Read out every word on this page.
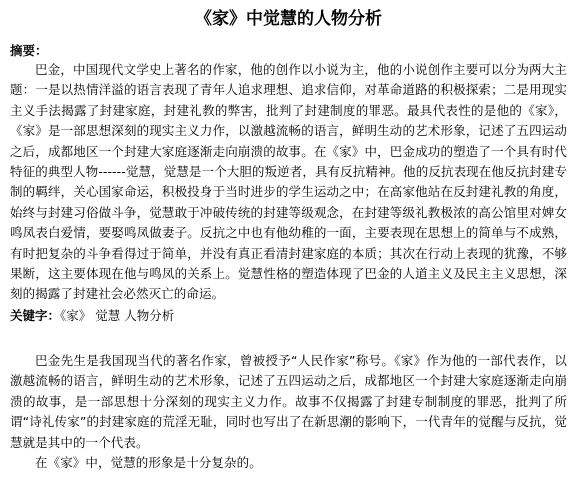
《家》中觉慧的人物分析
摘要：

巴金，中国现代文学史上著名的作家，他的创作以小说为主，他的小说创作主要可以分为两大主题：一是以热情洋溢的语言表现了青年人追求理想、追求信仰，对革命道路的积极探索；二是用现实主义手法揭露了封建家庭，封建礼教的弊害，批判了封建制度的罪恶。最具代表性的是他的《家》，《家》是一部思想深刻的现实主义力作，以激越流畅的语言，鲜明生动的艺术形象，记述了五四运动之后，成都地区一个封建大家庭逐渐走向崩溃的故事。在《家》中，巴金成功的塑造了一个具有时代特征的典型人物------觉慧，觉慧是一个大胆的叛逆者，具有反抗精神。他的反抗表现在他反抗封建专制的羁绊，关心国家命运，积极投身于当时进步的学生运动之中；在高家他站在反封建礼教的角度，始终与封建习俗做斗争，觉慧敢于冲破传统的封建等级观念，在封建等级礼教极浓的高公馆里对婢女鸣凤表白爱情，要娶鸣凤做妻子。反抗之中也有他幼稚的一面，主要表现在思想上的简单与不成熟，有时把复杂的斗争看得过于简单，并没有真正看清封建家庭的本质；其次在行动上表现的犹豫，不够果断，这主要体现在他与鸣凤的关系上。觉慧性格的塑造体现了巴金的人道主义及民主主义思想，深刻的揭露了封建社会必然灭亡的命运。

关键字：《家》 觉慧 人物分析

巴金先生是我国现当代的著名作家，曾被授予“人民作家”称号。《家》作为他的一部代表作，以激越流畅的语言，鲜明生动的艺术形象，记述了五四运动之后，成都地区一个封建大家庭逐渐走向崩溃的故事，是一部思想十分深刻的现实主义力作。故事不仅揭露了封建专制制度的罪恶，批判了所谓“诗礼传家”的封建家庭的荒淫无耻，同时也写出了在新思潮的影响下，一代青年的觉醒与反抗，觉慧就是其中的一个代表。

在《家》中，觉慧的形象是十分复杂的。
